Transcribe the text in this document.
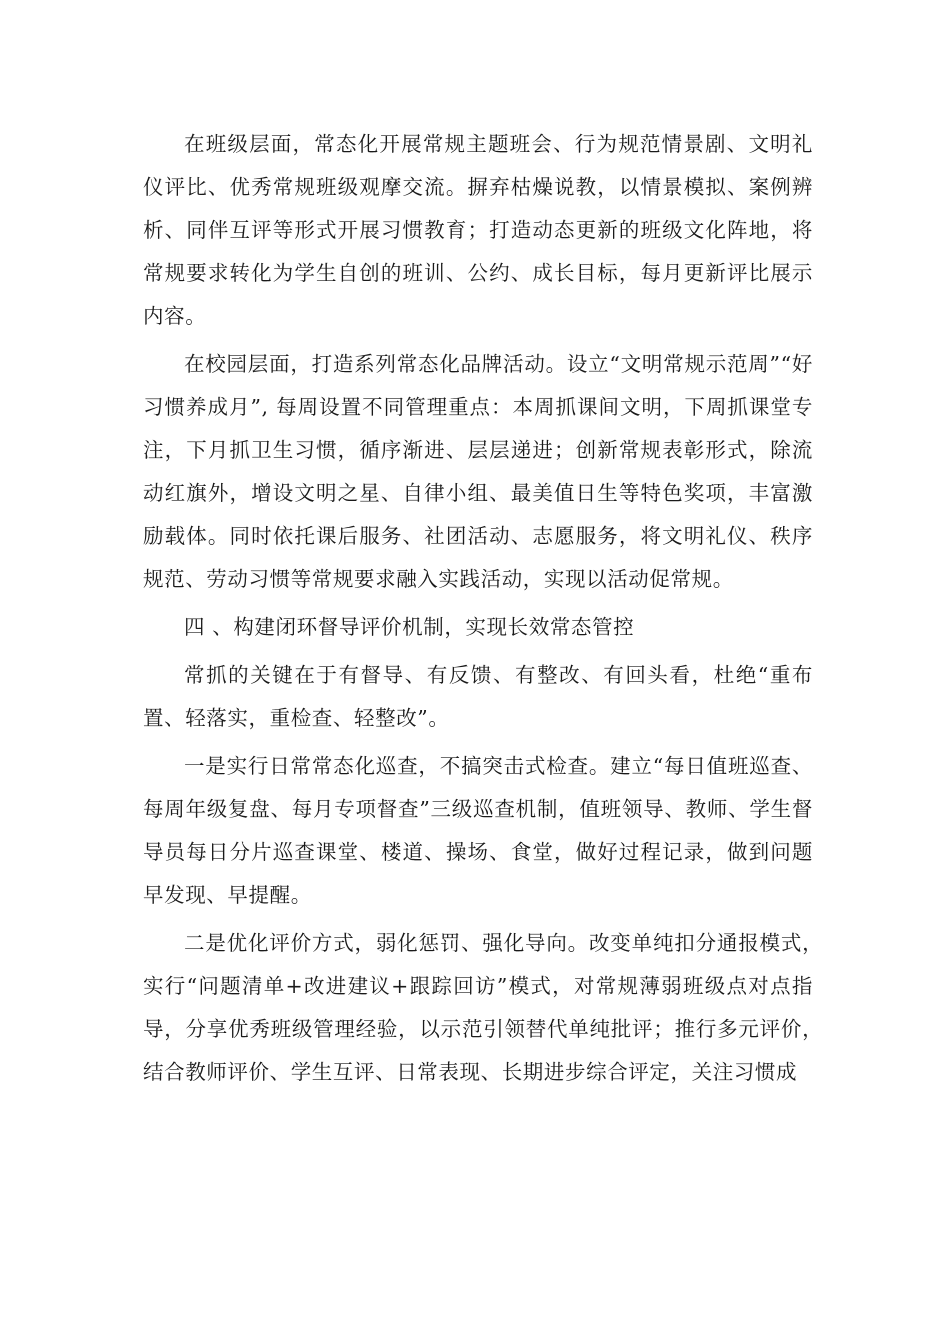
在班级层面，常态化开展常规主题班会、行为规范情景剧、文明礼仪评比、优秀常规班级观摩交流。摒弃枯燥说教，以情景模拟、案例辨析、同伴互评等形式开展习惯教育；打造动态更新的班级文化阵地，将常规要求转化为学生自创的班训、公约、成长目标，每月更新评比展示内容。

在校园层面，打造系列常态化品牌活动。设立“文明常规示范周”“好习惯养成月”, 每周设置不同管理重点：本周抓课间文明，下周抓课堂专注，下月抓卫生习惯，循序渐进、层层递进；创新常规表彰形式，除流动红旗外，增设文明之星、自律小组、最美值日生等特色奖项，丰富激励载体。同时依托课后服务、社团活动、志愿服务，将文明礼仪、秩序规范、劳动习惯等常规要求融入实践活动，实现以活动促常规。

四 、构建闭环督导评价机制，实现长效常态管控

常抓的关键在于有督导、有反馈、有整改、有回头看，杜绝“重布置、轻落实，重检查、轻整改”。

一是实行日常常态化巡查，不搞突击式检查。建立“每日值班巡查、每周年级复盘、每月专项督查”三级巡查机制，值班领导、教师、学生督导员每日分片巡查课堂、楼道、操场、食堂，做好过程记录，做到问题早发现、早提醒。

二是优化评价方式，弱化惩罚、强化导向。改变单纯扣分通报模式，　实行“问题清单+改进建议+跟踪回访”模式，对常规薄弱班级点对点指　导，分享优秀班级管理经验，以示范引领替代单纯批评；推行多元评价，　结合教师评价、学生互评、日常表现、长期进步综合评定，关注习惯成
